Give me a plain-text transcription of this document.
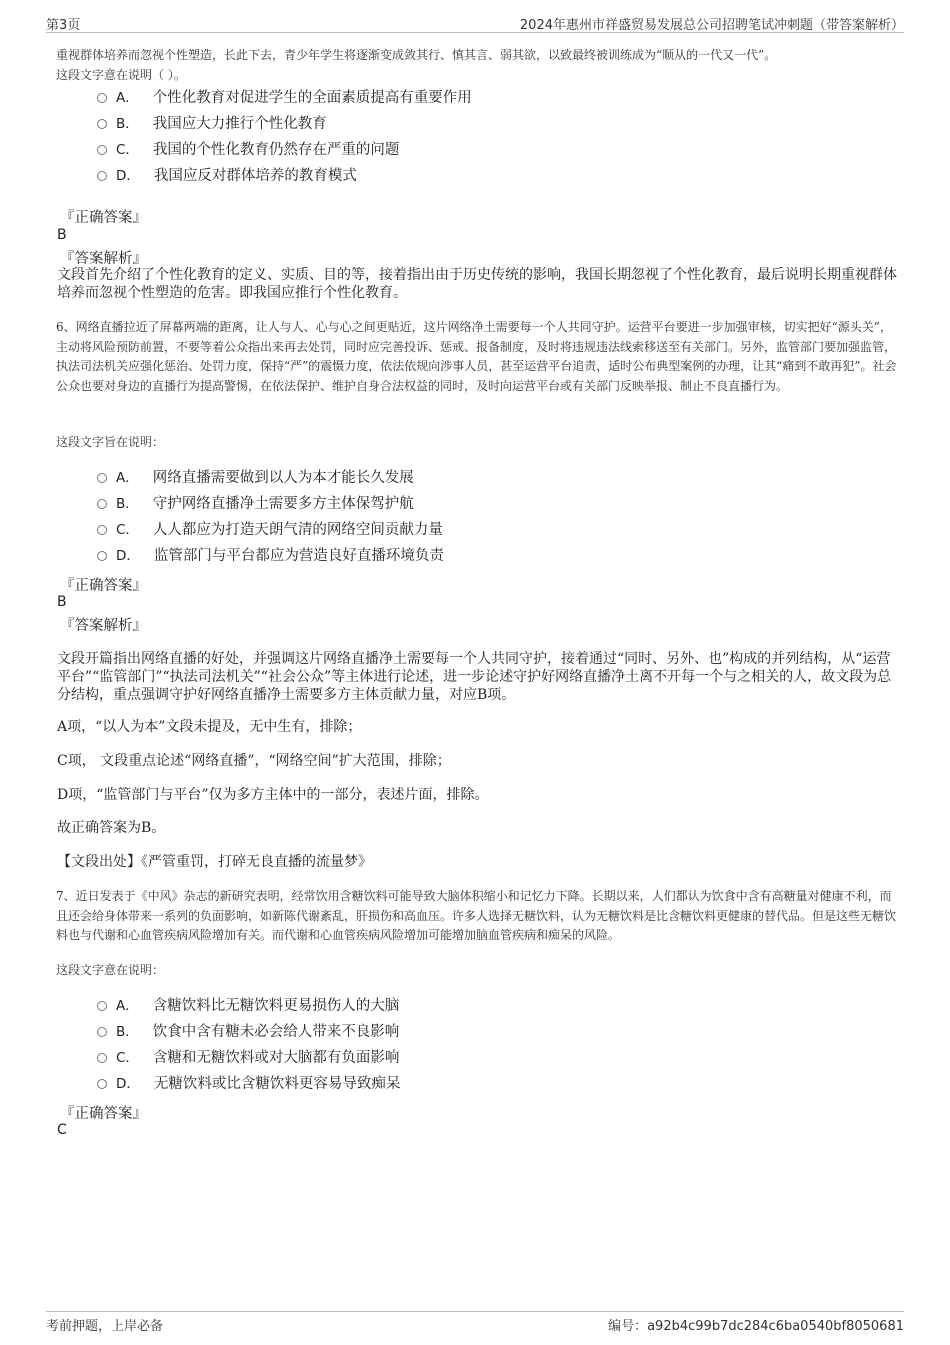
第3页	2024年惠州市祥盛贸易发展总公司招聘笔试冲刺题（带答案解析）

重视群体培养而忽视个性塑造，长此下去，青少年学生将逐渐变成敛其行、慎其言、弱其欲，以致最终被训练成为“顺从的一代又一代”。

这段文字意在说明（ ）。

A． 个性化教育对促进学生的全面素质提高有重要作用
B． 我国应大力推行个性化教育
C． 我国的个性化教育仍然存在严重的问题
D． 我国应反对群体培养的教育模式

『正确答案』

B

『答案解析』

文段首先介绍了个性化教育的定义、实质、目的等，接着指出由于历史传统的影响，我国长期忽视了个性化教育，最后说明长期重视群体培养而忽视个性塑造的危害。即我国应推行个性化教育。

6、网络直播拉近了屏幕两端的距离，让人与人、心与心之间更贴近，这片网络净土需要每一个人共同守护。运营平台要进一步加强审核，切实把好“源头关”，主动将风险预防前置，不要等着公众指出来再去处罚，同时应完善投诉、惩戒、报备制度，及时将违规违法线索移送至有关部门。另外，监管部门要加强监管，执法司法机关应强化惩治、处罚力度，保持“严”的震慑力度，依法依规向涉事人员，甚至运营平台追责，适时公布典型案例的办理，让其“痛到不敢再犯”。社会公众也要对身边的直播行为提高警惕，在依法保护、维护自身合法权益的同时，及时向运营平台或有关部门反映举报、制止不良直播行为。

这段文字旨在说明：

A． 网络直播需要做到以人为本才能长久发展
B． 守护网络直播净土需要多方主体保驾护航
C． 人人都应为打造天朗气清的网络空间贡献力量
D． 监管部门与平台都应为营造良好直播环境负责

『正确答案』

B

『答案解析』

文段开篇指出网络直播的好处，并强调这片网络直播净土需要每一个人共同守护，接着通过“同时、另外、也”构成的并列结构，从“运营平台”“监管部门”“执法司法机关”“社会公众”等主体进行论述，进一步论述守护好网络直播净土离不开每一个与之相关的人，故文段为总分结构，重点强调守护好网络直播净土需要多方主体贡献力量，对应B项。

A项，“以人为本”文段未提及，无中生有，排除；

C项， 文段重点论述“网络直播”，“网络空间”扩大范围，排除；

D项，“监管部门与平台”仅为多方主体中的一部分，表述片面，排除。

故正确答案为B。

【文段出处】《严管重罚，打碎无良直播的流量梦》

7、近日发表于《中风》杂志的新研究表明，经常饮用含糖饮料可能导致大脑体积缩小和记忆力下降。长期以来，人们都认为饮食中含有高糖量对健康不利，而且还会给身体带来一系列的负面影响，如新陈代谢紊乱，肝损伤和高血压。许多人选择无糖饮料，认为无糖饮料是比含糖饮料更健康的替代品。但是这些无糖饮料也与代谢和心血管疾病风险增加有关。而代谢和心血管疾病风险增加可能增加脑血管疾病和痴呆的风险。

这段文字意在说明：

A． 含糖饮料比无糖饮料更易损伤人的大脑
B． 饮食中含有糖未必会给人带来不良影响
C． 含糖和无糖饮料或对大脑都有负面影响
D． 无糖饮料或比含糖饮料更容易导致痴呆

『正确答案』

C

考前押题，上岸必备	编号：a92b4c99b7dc284c6ba0540bf8050681
